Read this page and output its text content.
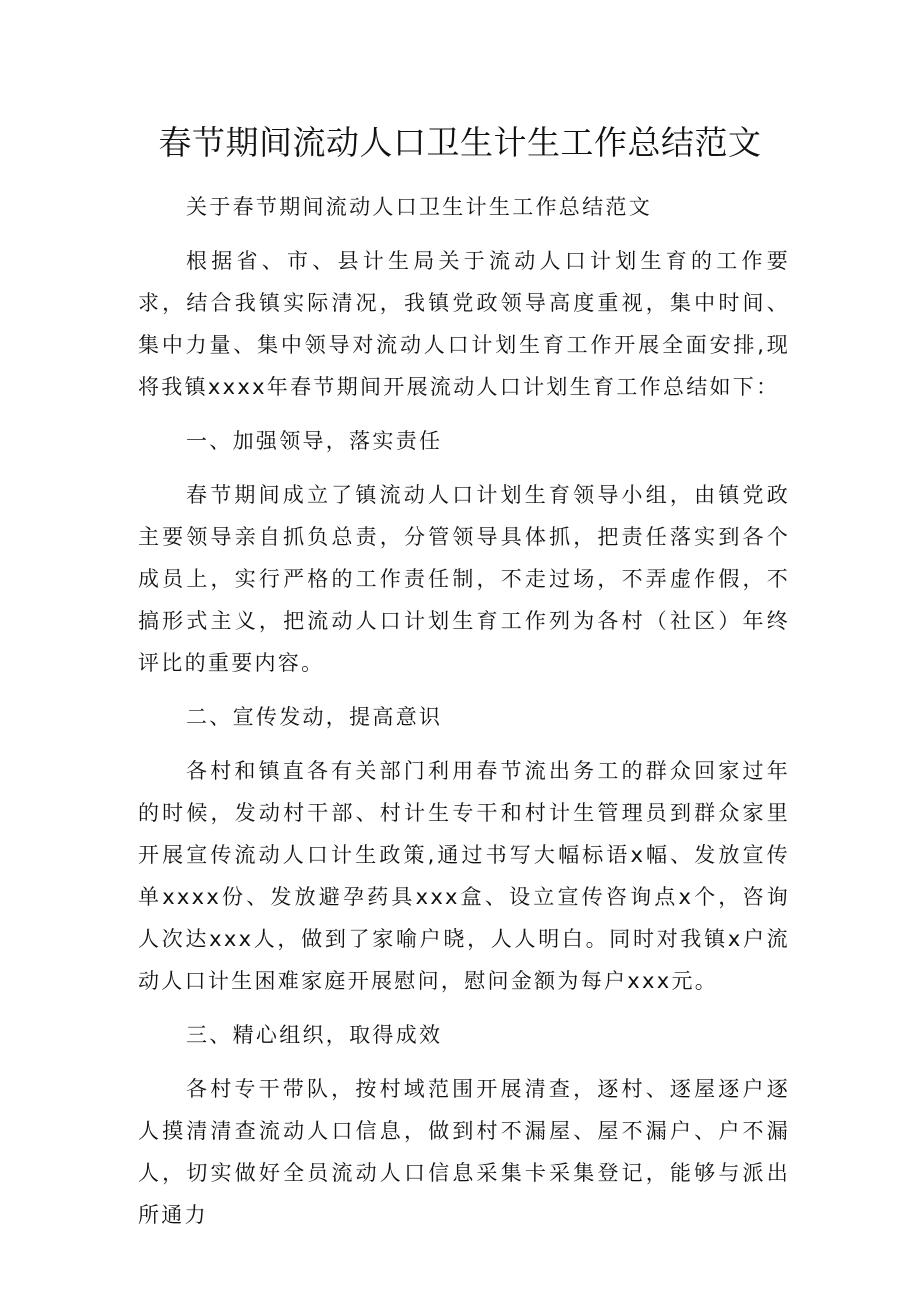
春节期间流动人口卫生计生工作总结范文

关于春节期间流动人口卫生计生工作总结范文

根据省、市、县计生局关于流动人口计划生育的工作要求，结合我镇实际清况，我镇党政领导高度重视，集中时间、集中力量、集中领导对流动人口计划生育工作开展全面安排,现将我镇xxxx年春节期间开展流动人口计划生育工作总结如下：

一、加强领导，落实责任

春节期间成立了镇流动人口计划生育领导小组，由镇党政主要领导亲自抓负总责，分管领导具体抓，把责任落实到各个成员上，实行严格的工作责任制，不走过场，不弄虚作假，不搞形式主义，把流动人口计划生育工作列为各村（社区）年终评比的重要内容。

二、宣传发动，提高意识

各村和镇直各有关部门利用春节流出务工的群众回家过年的时候，发动村干部、村计生专干和村计生管理员到群众家里开展宣传流动人口计生政策,通过书写大幅标语x幅、发放宣传单xxxx份、发放避孕药具xxx盒、设立宣传咨询点x个，咨询人次达xxx人，做到了家喻户晓，人人明白。同时对我镇x户流动人口计生困难家庭开展慰问，慰问金额为每户xxx元。

三、精心组织，取得成效

各村专干带队，按村域范围开展清查，逐村、逐屋逐户逐人摸清清查流动人口信息，做到村不漏屋、屋不漏户、户不漏人，切实做好全员流动人口信息采集卡采集登记，能够与派出所通力
